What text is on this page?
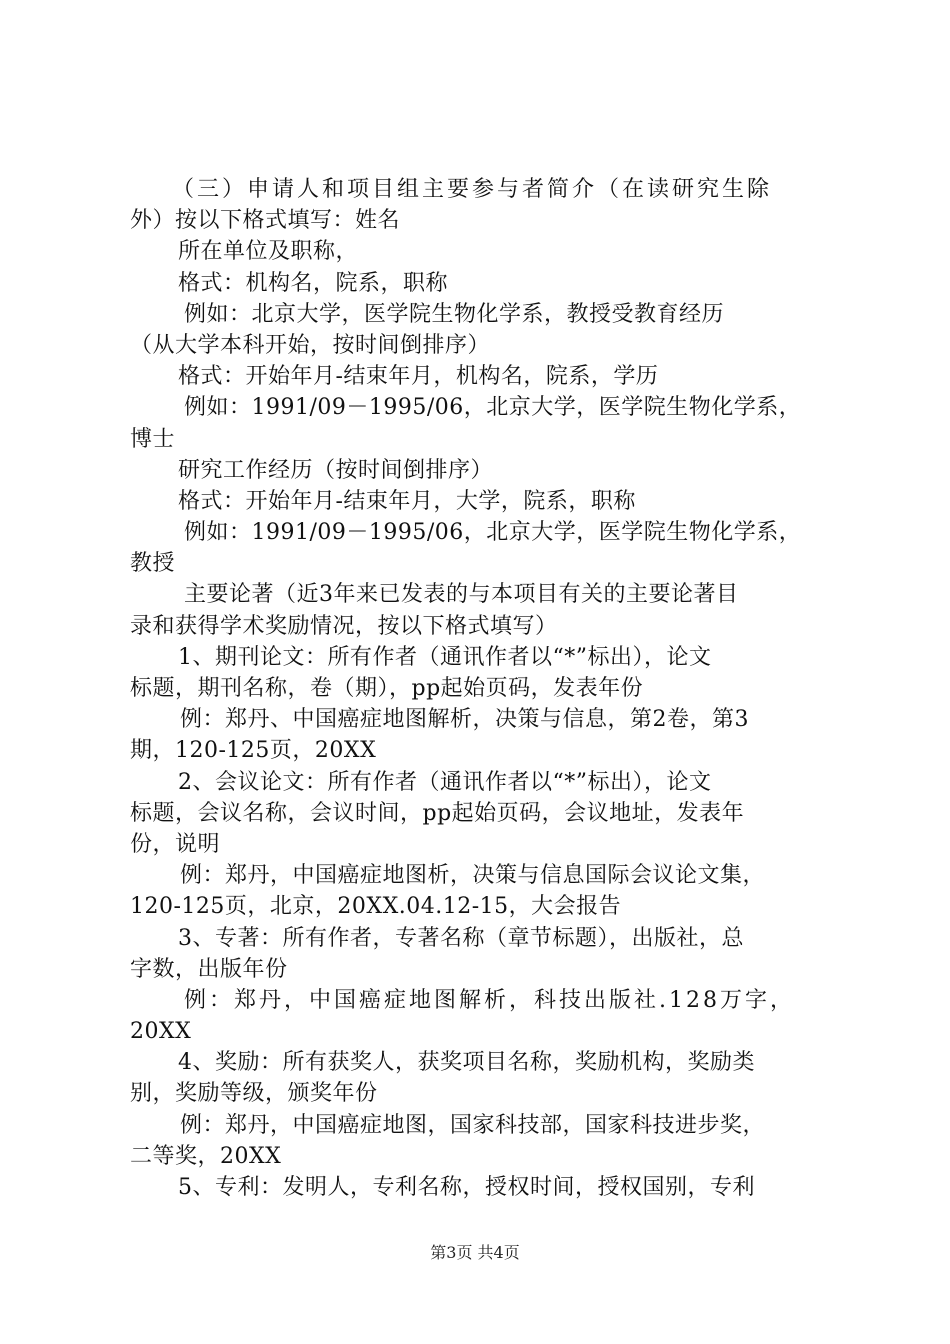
（三）申请人和项目组主要参与者简介（在读研究生除
外）按以下格式填写：姓名
所在单位及职称，
格式：机构名，院系，职称
例如：北京大学，医学院生物化学系，教授受教育经历
（从大学本科开始，按时间倒排序）
格式：开始年月-结束年月，机构名，院系，学历
例如：1991/09－1995/06，北京大学，医学院生物化学系，
博士
研究工作经历（按时间倒排序）
格式：开始年月-结束年月，大学，院系，职称
例如：1991/09－1995/06，北京大学，医学院生物化学系，
教授
主要论著（近3年来已发表的与本项目有关的主要论著目
录和获得学术奖励情况，按以下格式填写）
1、期刊论文：所有作者（通讯作者以“*”标出），论文
标题，期刊名称，卷（期），pp起始页码，发表年份
例：郑丹、中国癌症地图解析，决策与信息，第2卷，第3
期，120-125页，20XX
2、会议论文：所有作者（通讯作者以“*”标出），论文
标题，会议名称，会议时间，pp起始页码，会议地址，发表年
份，说明
例：郑丹，中国癌症地图析，决策与信息国际会议论文集，
120-125页，北京，20XX.04.12-15，大会报告
3、专著：所有作者，专著名称（章节标题），出版社，总
字数，出版年份
例：郑丹，中国癌症地图解析，科技出版社.128万字，
20XX
4、奖励：所有获奖人，获奖项目名称，奖励机构，奖励类
别，奖励等级，颁奖年份
例：郑丹，中国癌症地图，国家科技部，国家科技进步奖，
二等奖，20XX
5、专利：发明人，专利名称，授权时间，授权国别，专利
第3页 共4页
